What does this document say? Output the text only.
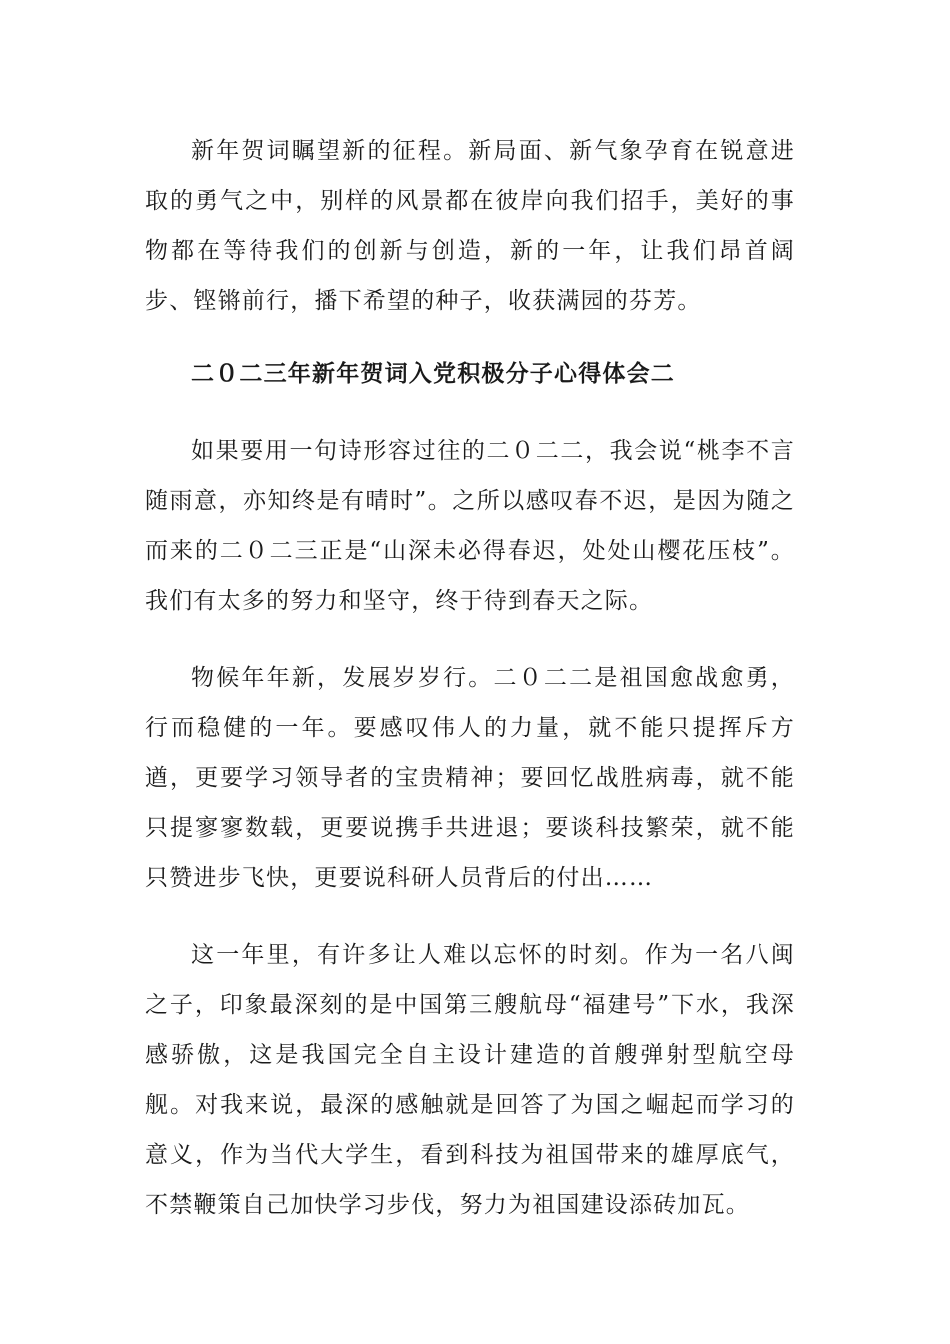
新年贺词瞩望新的征程。新局面、新气象孕育在锐意进取的勇气之中，别样的风景都在彼岸向我们招手，美好的事物都在等待我们的创新与创造，新的一年，让我们昂首阔步、铿锵前行，播下希望的种子，收获满园的芬芳。

二０二三年新年贺词入党积极分子心得体会二

如果要用一句诗形容过往的二０二二，我会说“桃李不言随雨意，亦知终是有晴时”。之所以感叹春不迟，是因为随之而来的二０二三正是“山深未必得春迟，处处山樱花压枝”。我们有太多的努力和坚守，终于待到春天之际。

物候年年新，发展岁岁行。二０二二是祖国愈战愈勇，行而稳健的一年。要感叹伟人的力量，就不能只提挥斥方遒，更要学习领导者的宝贵精神；要回忆战胜病毒，就不能只提寥寥数载，更要说携手共进退；要谈科技繁荣，就不能只赞进步飞快，更要说科研人员背后的付出……

这一年里，有许多让人难以忘怀的时刻。作为一名八闽之子，印象最深刻的是中国第三艘航母“福建号”下水，我深感骄傲，这是我国完全自主设计建造的首艘弹射型航空母舰。对我来说，最深的感触就是回答了为国之崛起而学习的意义，作为当代大学生，看到科技为祖国带来的雄厚底气，不禁鞭策自己加快学习步伐，努力为祖国建设添砖加瓦。
